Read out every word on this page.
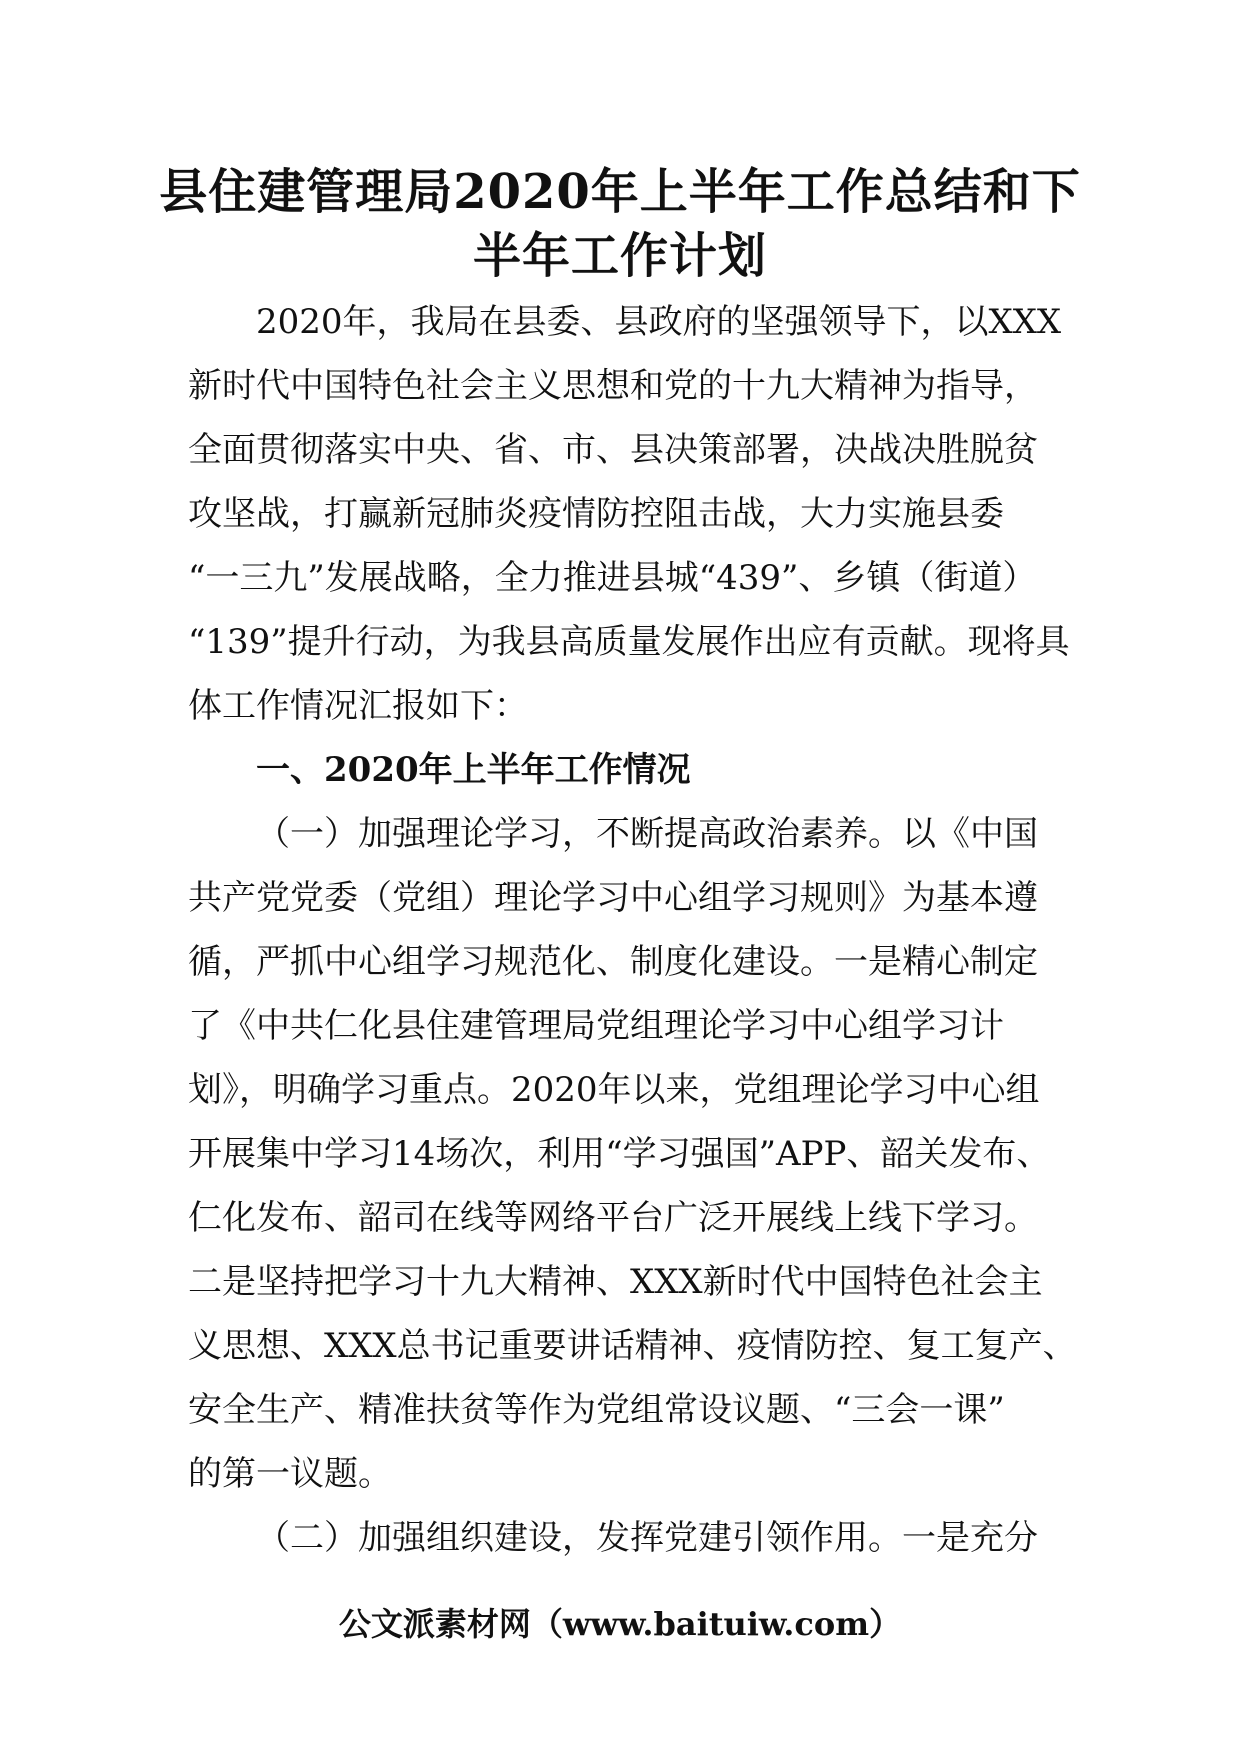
县住建管理局2020年上半年工作总结和下
半年工作计划
2020年，我局在县委、县政府的坚强领导下，以XXX
新时代中国特色社会主义思想和党的十九大精神为指导，
全面贯彻落实中央、省、市、县决策部署，决战决胜脱贫
攻坚战，打赢新冠肺炎疫情防控阻击战，大力实施县委
“一三九”发展战略，全力推进县城“439”、乡镇（街道）
“139”提升行动，为我县高质量发展作出应有贡献。现将具
体工作情况汇报如下：
一、2020年上半年工作情况
（一）加强理论学习，不断提高政治素养。以《中国
共产党党委（党组）理论学习中心组学习规则》为基本遵
循，严抓中心组学习规范化、制度化建设。一是精心制定
了《中共仁化县住建管理局党组理论学习中心组学习计
划》，明确学习重点。2020年以来，党组理论学习中心组
开展集中学习14场次，利用“学习强国”APP、韶关发布、
仁化发布、韶司在线等网络平台广泛开展线上线下学习。
二是坚持把学习十九大精神、XXX新时代中国特色社会主
义思想、XXX总书记重要讲话精神、疫情防控、复工复产、
安全生产、精准扶贫等作为党组常设议题、“三会一课”
的第一议题。
（二）加强组织建设，发挥党建引领作用。一是充分
公文派素材网（www.baituiw.com）
